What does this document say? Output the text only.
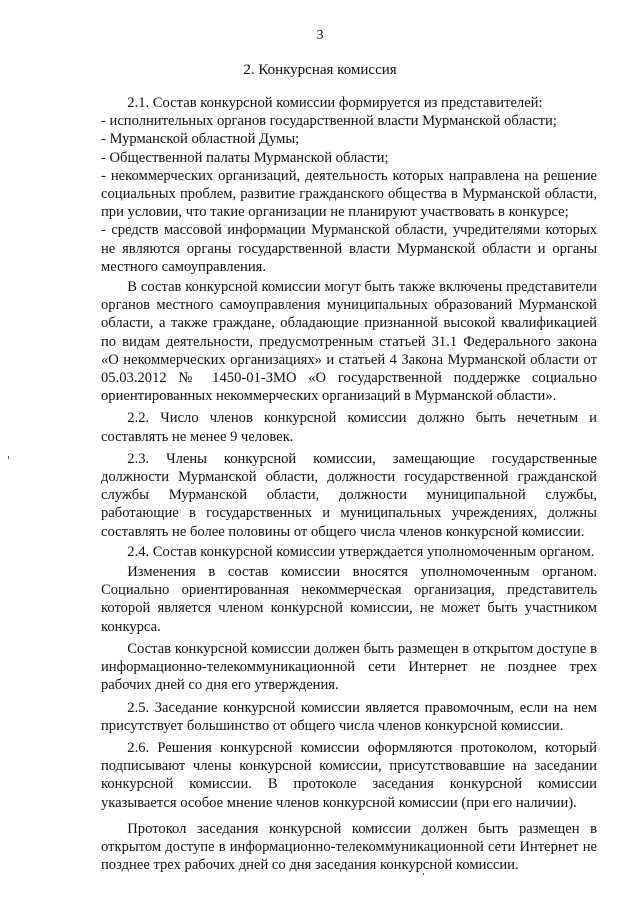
3
2. Конкурсная комиссия

2.1. Состав конкурсной комиссии формируется из представителей:

- исполнительных органов государственной власти Мурманской области;

- Мурманской областной Думы;

- Общественной палаты Мурманской области;

- некоммерческих организаций, деятельность которых направлена на решение социальных проблем, развитие гражданского общества в Мурманской области, при условии, что такие организации не планируют участвовать в конкурсе;

- средств массовой информации Мурманской области, учредителями которых не являются органы государственной власти Мурманской области и органы местного самоуправления.

В состав конкурсной комиссии могут быть также включены представители органов местного самоуправления муниципальных образований Мурманской области, а также граждане, обладающие признанной высокой квалификацией по видам деятельности, предусмотренным статьей 31.1 Федерального закона «О некоммерческих организациях» и статьей 4 Закона Мурманской области от 05.03.2012 № 1450-01-ЗМО «О государственной поддержке социально ориентированных некоммерческих организаций в Мурманской области».

2.2. Число членов конкурсной комиссии должно быть нечетным и составлять не менее 9 человек.

2.3. Члены конкурсной комиссии, замещающие государственные должности Мурманской области, должности государственной гражданской службы Мурманской области, должности муниципальной службы, работающие в государственных и муниципальных учреждениях, должны составлять не более половины от общего числа членов конкурсной комиссии.

2.4. Состав конкурсной комиссии утверждается уполномоченным органом.

Изменения в состав комиссии вносятся уполномоченным органом. Социально ориентированная некоммерческая организация, представитель которой является членом конкурсной комиссии, не может быть участником конкурса.

Состав конкурсной комиссии должен быть размещен в открытом доступе в информационно-телекоммуникационной сети Интернет не позднее трех рабочих дней со дня его утверждения.

2.5. Заседание конкурсной комиссии является правомочным, если на нем присутствует большинство от общего числа членов конкурсной комиссии.

2.6. Решения конкурсной комиссии оформляются протоколом, который подписывают члены конкурсной комиссии, присутствовавшие на заседании конкурсной комиссии. В протоколе заседания конкурсной комиссии указывается особое мнение членов конкурсной комиссии (при его наличии).

Протокол заседания конкурсной комиссии должен быть размещен в открытом доступе в информационно-телекоммуникационной сети Интернет не позднее трех рабочих дней со дня заседания конкурсной комиссии.
